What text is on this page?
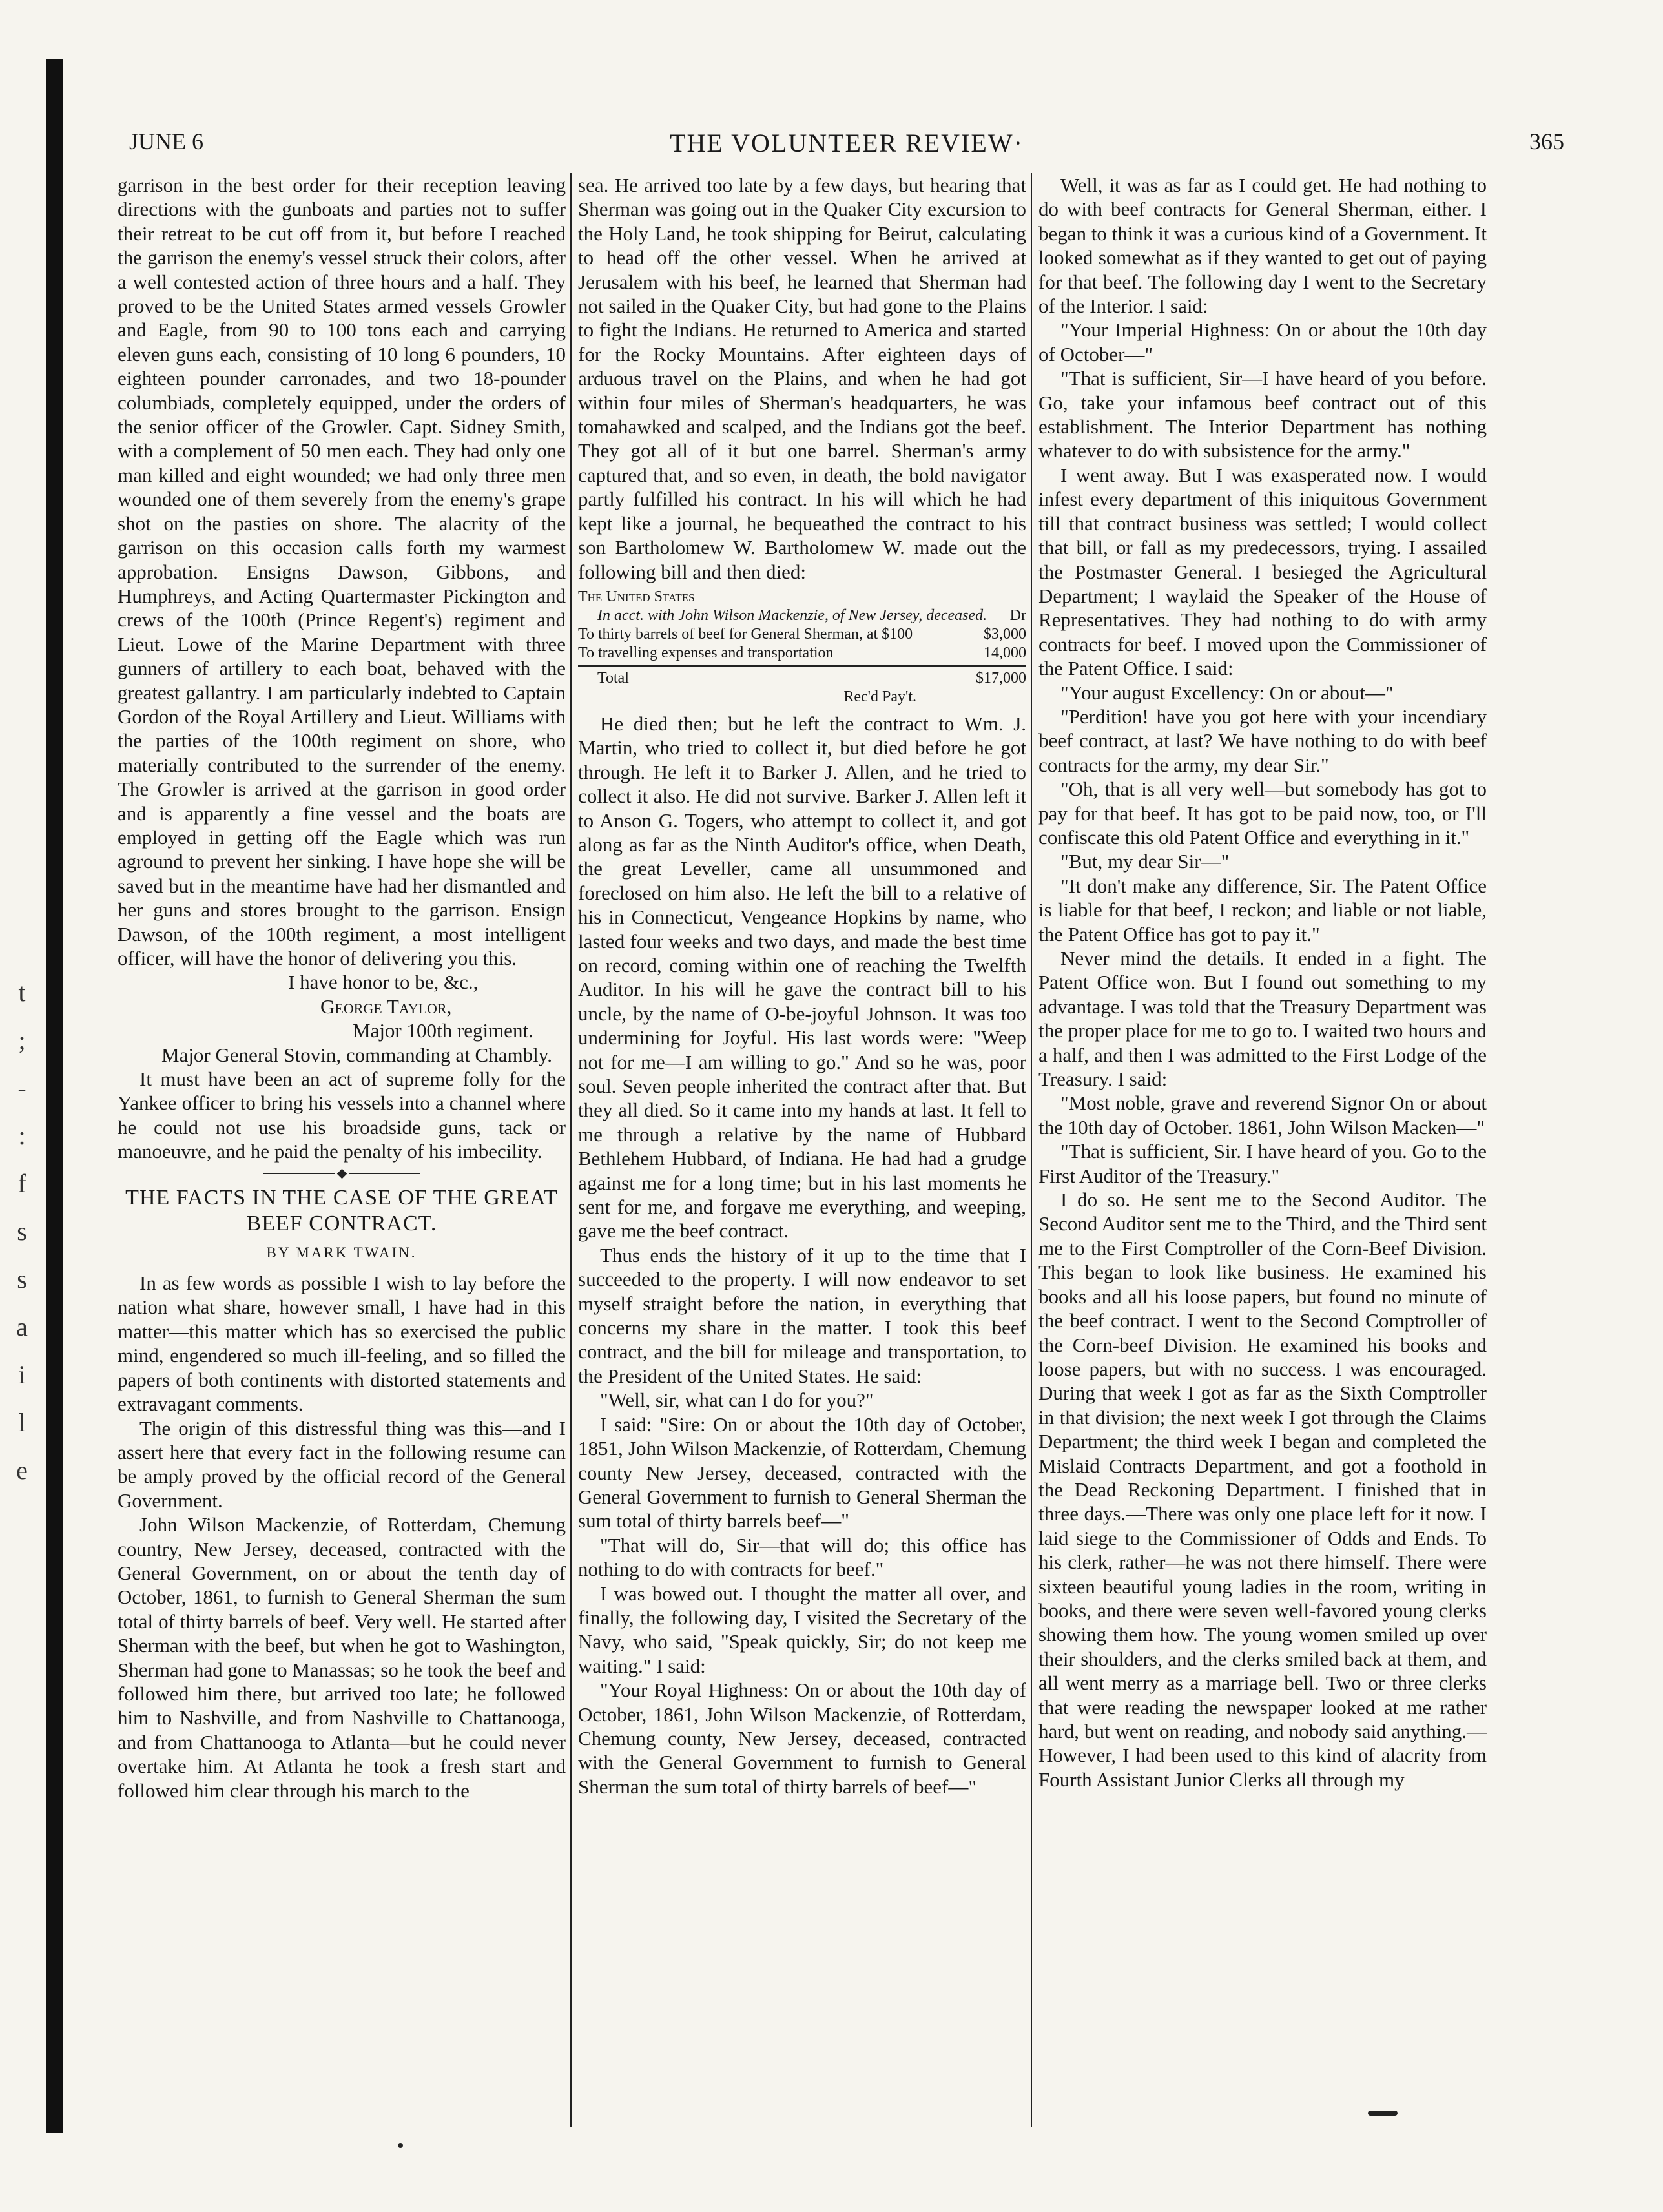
t
;
-
:
f
s
s
a
i
l
e
JUNE 6	THE VOLUNTEER REVIEW·	365

garrison in the best order for their reception leaving directions with the gunboats and parties not to suffer their retreat to be cut off from it, but before I reached the garrison the enemy's vessel struck their colors, after a well contested action of three hours and a half. They proved to be the United States armed vessels Growler and Eagle, from 90 to 100 tons each and carrying eleven guns each, consisting of 10 long 6 pounders, 10 eighteen pounder carronades, and two 18-pounder columbiads, completely equipped, under the orders of the senior officer of the Growler. Capt. Sidney Smith, with a complement of 50 men each. They had only one man killed and eight wounded; we had only three men wounded one of them severely from the enemy's grape shot on the pasties on shore. The alacrity of the garrison on this occasion calls forth my warmest approbation. Ensigns Dawson, Gibbons, and Humphreys, and Acting Quartermaster Pickington and crews of the 100th (Prince Regent's) regiment and Lieut. Lowe of the Marine Department with three gunners of artillery to each boat, behaved with the greatest gallantry. I am particularly indebted to Captain Gordon of the Royal Artillery and Lieut. Williams with the parties of the 100th regiment on shore, who materially contributed to the surrender of the enemy. The Growler is arrived at the garrison in good order and is apparently a fine vessel and the boats are employed in getting off the Eagle which was run aground to prevent her sinking. I have hope she will be saved but in the meantime have had her dismantled and her guns and stores brought to the garrison. Ensign Dawson, of the 100th regiment, a most intelligent officer, will have the honor of delivering you this.

I have honor to be, &c.,

George Taylor,

Major 100th regiment.

Major General Stovin, commanding at Chambly.

It must have been an act of supreme folly for the Yankee officer to bring his vessels into a channel where he could not use his broadside guns, tack or manoeuvre, and he paid the penalty of his imbecility.

THE FACTS IN THE CASE OF THE GREAT BEEF CONTRACT.
BY MARK TWAIN.

In as few words as possible I wish to lay before the nation what share, however small, I have had in this matter—this matter which has so exercised the public mind, engendered so much ill-feeling, and so filled the papers of both continents with distorted statements and extravagant comments.

The origin of this distressful thing was this—and I assert here that every fact in the following resume can be amply proved by the official record of the General Government.

John Wilson Mackenzie, of Rotterdam, Chemung country, New Jersey, deceased, contracted with the General Government, on or about the tenth day of October, 1861, to furnish to General Sherman the sum total of thirty barrels of beef. Very well. He started after Sherman with the beef, but when he got to Washington, Sherman had gone to Manassas; so he took the beef and followed him there, but arrived too late; he followed him to Nashville, and from Nashville to Chattanooga, and from Chattanooga to Atlanta—but he could never overtake him. At Atlanta he took a fresh start and followed him clear through his march to the

sea. He arrived too late by a few days, but hearing that Sherman was going out in the Quaker City excursion to the Holy Land, he took shipping for Beirut, calculating to head off the other vessel. When he arrived at Jerusalem with his beef, he learned that Sherman had not sailed in the Quaker City, but had gone to the Plains to fight the Indians. He returned to America and started for the Rocky Mountains. After eighteen days of arduous travel on the Plains, and when he had got within four miles of Sherman's headquarters, he was tomahawked and scalped, and the Indians got the beef. They got all of it but one barrel. Sherman's army captured that, and so even, in death, the bold navigator partly fulfilled his contract. In his will which he had kept like a journal, he bequeathed the contract to his son Bartholomew W. Bartholomew W. made out the following bill and then died:

The United States
In acct. with John Wilson Mackenzie, of New Jersey, deceased.	Dr
To thirty barrels of beef for General Sherman, at $100	$3,000
To travelling expenses and transportation	14,000
Total	$17,000
Rec'd Pay't.

He died then; but he left the contract to Wm. J. Martin, who tried to collect it, but died before he got through. He left it to Barker J. Allen, and he tried to collect it also. He did not survive. Barker J. Allen left it to Anson G. Togers, who attempt to collect it, and got along as far as the Ninth Auditor's office, when Death, the great Leveller, came all unsummoned and foreclosed on him also. He left the bill to a relative of his in Connecticut, Vengeance Hopkins by name, who lasted four weeks and two days, and made the best time on record, coming within one of reaching the Twelfth Auditor. In his will he gave the contract bill to his uncle, by the name of O-be-joyful Johnson. It was too undermining for Joyful. His last words were: "Weep not for me—I am willing to go." And so he was, poor soul. Seven people inherited the contract after that. But they all died. So it came into my hands at last. It fell to me through a relative by the name of Hubbard Bethlehem Hubbard, of Indiana. He had had a grudge against me for a long time; but in his last moments he sent for me, and forgave me everything, and weeping, gave me the beef contract.

Thus ends the history of it up to the time that I succeeded to the property. I will now endeavor to set myself straight before the nation, in everything that concerns my share in the matter. I took this beef contract, and the bill for mileage and transportation, to the President of the United States. He said:

"Well, sir, what can I do for you?"

I said: "Sire: On or about the 10th day of October, 1851, John Wilson Mackenzie, of Rotterdam, Chemung county New Jersey, deceased, contracted with the General Government to furnish to General Sherman the sum total of thirty barrels beef—"

"That will do, Sir—that will do; this office has nothing to do with contracts for beef."

I was bowed out. I thought the matter all over, and finally, the following day, I visited the Secretary of the Navy, who said, "Speak quickly, Sir; do not keep me waiting." I said:

"Your Royal Highness: On or about the 10th day of October, 1861, John Wilson Mackenzie, of Rotterdam, Chemung county, New Jersey, deceased, contracted with the General Government to furnish to General Sherman the sum total of thirty barrels of beef—"

Well, it was as far as I could get. He had nothing to do with beef contracts for General Sherman, either. I began to think it was a curious kind of a Government. It looked somewhat as if they wanted to get out of paying for that beef. The following day I went to the Secretary of the Interior. I said:

"Your Imperial Highness: On or about the 10th day of October—"

"That is sufficient, Sir—I have heard of you before. Go, take your infamous beef contract out of this establishment. The Interior Department has nothing whatever to do with subsistence for the army."

I went away. But I was exasperated now. I would infest every department of this iniquitous Government till that contract business was settled; I would collect that bill, or fall as my predecessors, trying. I assailed the Postmaster General. I besieged the Agricultural Department; I waylaid the Speaker of the House of Representatives. They had nothing to do with army contracts for beef. I moved upon the Commissioner of the Patent Office. I said:

"Your august Excellency: On or about—"

"Perdition! have you got here with your incendiary beef contract, at last? We have nothing to do with beef contracts for the army, my dear Sir."

"Oh, that is all very well—but somebody has got to pay for that beef. It has got to be paid now, too, or I'll confiscate this old Patent Office and everything in it."

"But, my dear Sir—"

"It don't make any difference, Sir. The Patent Office is liable for that beef, I reckon; and liable or not liable, the Patent Office has got to pay it."

Never mind the details. It ended in a fight. The Patent Office won. But I found out something to my advantage. I was told that the Treasury Department was the proper place for me to go to. I waited two hours and a half, and then I was admitted to the First Lodge of the Treasury. I said:

"Most noble, grave and reverend Signor On or about the 10th day of October. 1861, John Wilson Macken—"

"That is sufficient, Sir. I have heard of you. Go to the First Auditor of the Treasury."

I do so. He sent me to the Second Auditor. The Second Auditor sent me to the Third, and the Third sent me to the First Comptroller of the Corn-Beef Division. This began to look like business. He examined his books and all his loose papers, but found no minute of the beef contract. I went to the Second Comptroller of the Corn-beef Division. He examined his books and loose papers, but with no success. I was encouraged. During that week I got as far as the Sixth Comptroller in that division; the next week I got through the Claims Department; the third week I began and completed the Mislaid Contracts Department, and got a foothold in the Dead Reckoning Department. I finished that in three days.—There was only one place left for it now. I laid siege to the Commissioner of Odds and Ends. To his clerk, rather—he was not there himself. There were sixteen beautiful young ladies in the room, writing in books, and there were seven well-favored young clerks showing them how. The young women smiled up over their shoulders, and the clerks smiled back at them, and all went merry as a marriage bell. Two or three clerks that were reading the newspaper looked at me rather hard, but went on reading, and nobody said anything.—However, I had been used to this kind of alacrity from Fourth Assistant Junior Clerks all through my
